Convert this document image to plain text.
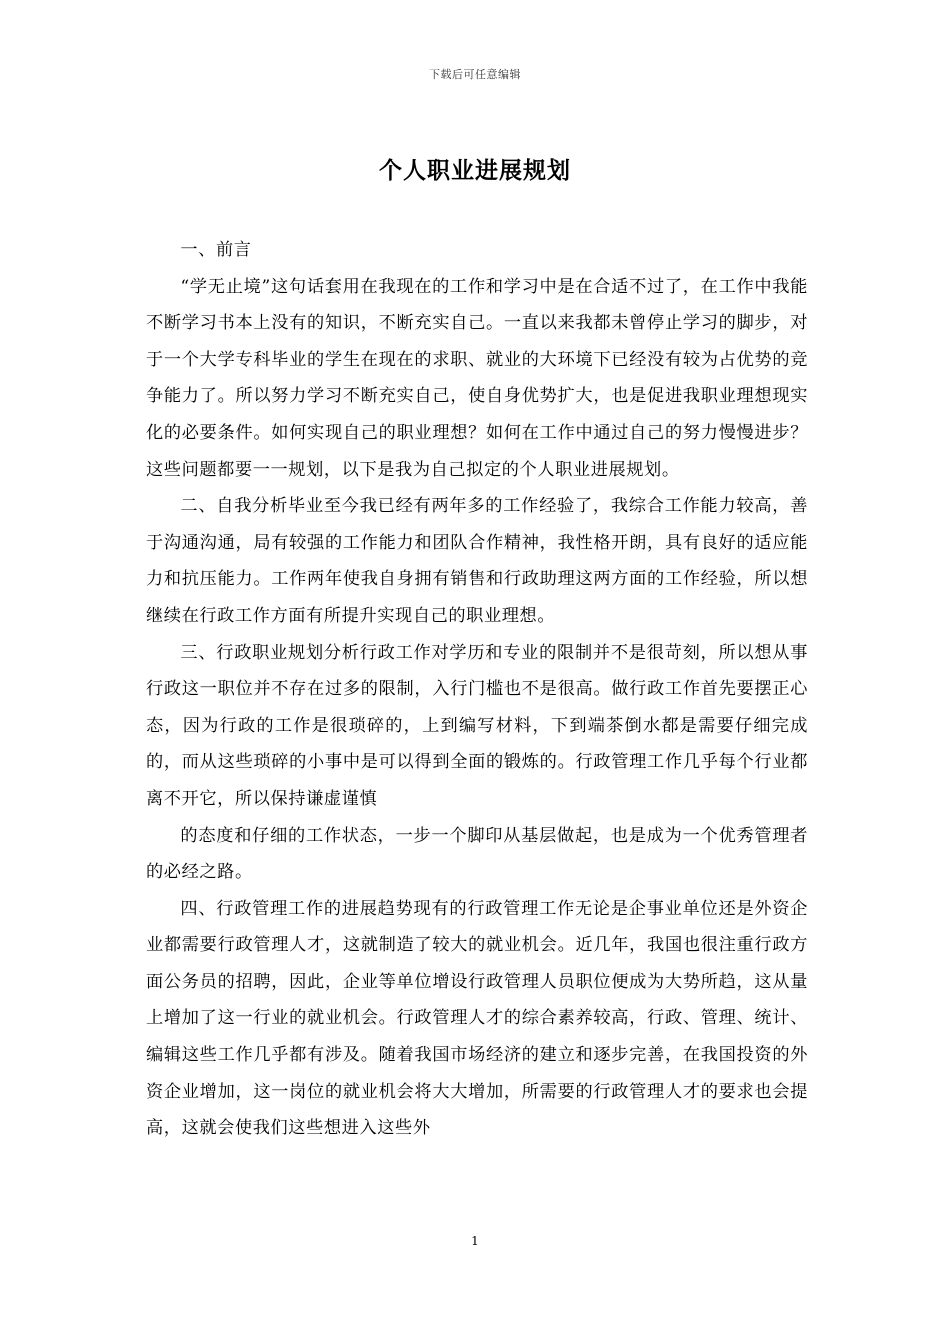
下载后可任意编辑
个人职业进展规划

一、前言

“学无止境”这句话套用在我现在的工作和学习中是在合适不过了，在工作中我能不断学习书本上没有的知识，不断充实自己。一直以来我都未曾停止学习的脚步，对于一个大学专科毕业的学生在现在的求职、就业的大环境下已经没有较为占优势的竞争能力了。所以努力学习不断充实自己，使自身优势扩大，也是促进我职业理想现实化的必要条件。如何实现自己的职业理想？如何在工作中通过自己的努力慢慢进步？这些问题都要一一规划，以下是我为自己拟定的个人职业进展规划。

二、自我分析毕业至今我已经有两年多的工作经验了，我综合工作能力较高，善于沟通沟通，局有较强的工作能力和团队合作精神，我性格开朗，具有良好的适应能力和抗压能力。工作两年使我自身拥有销售和行政助理这两方面的工作经验，所以想继续在行政工作方面有所提升实现自己的职业理想。

三、行政职业规划分析行政工作对学历和专业的限制并不是很苛刻，所以想从事行政这一职位并不存在过多的限制，入行门槛也不是很高。做行政工作首先要摆正心态，因为行政的工作是很琐碎的，上到编写材料，下到端茶倒水都是需要仔细完成的，而从这些琐碎的小事中是可以得到全面的锻炼的。行政管理工作几乎每个行业都离不开它，所以保持谦虚谨慎

的态度和仔细的工作状态，一步一个脚印从基层做起，也是成为一个优秀管理者的必经之路。

四、行政管理工作的进展趋势现有的行政管理工作无论是企事业单位还是外资企业都需要行政管理人才，这就制造了较大的就业机会。近几年，我国也很注重行政方面公务员的招聘，因此，企业等单位增设行政管理人员职位便成为大势所趋，这从量上增加了这一行业的就业机会。行政管理人才的综合素养较高，行政、管理、统计、编辑这些工作几乎都有涉及。随着我国市场经济的建立和逐步完善，在我国投资的外资企业增加，这一岗位的就业机会将大大增加，所需要的行政管理人才的要求也会提高，这就会使我们这些想进入这些外

1
